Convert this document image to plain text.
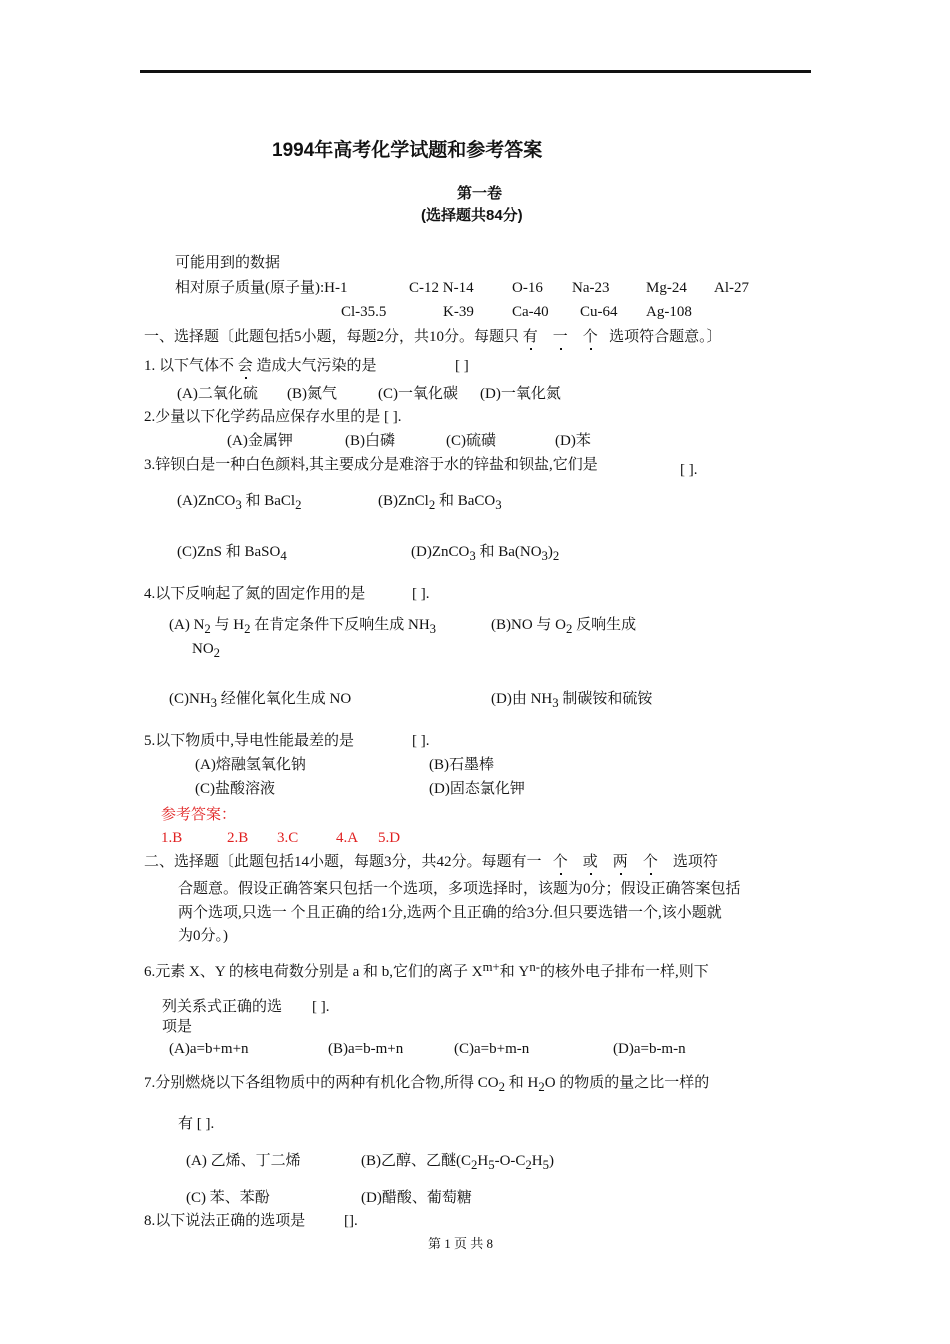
1994年高考化学试题和参考答案
第一卷
(选择题共84分)
可能用到的数据
相对原子质量(原子量):H-1	C-12 N-14	O-16 Na-23 Mg-24 Al-27
Cl-35.5	K-39	Ca-40 Cu-64 Ag-108
一、选择题〔此题包括5小题，每题2分，共10分。每题只 有 一 个 选项符合题意。〕
1. 以下气体不 会 造成大气污染的是	[ ]
(A)二氧化硫 (B)氮气	(C)一氧化碳 (D)一氧化氮
2.少量以下化学药品应保存水里的是 [ ].
(A)金属钾	(B)白磷	(C)硫磺	(D)苯
3.锌钡白是一种白色颜料,其主要成分是难溶于水的锌盐和钡盐,它们是	[ ].
(A)ZnCO$_3$ 和 BaCl$_2$	(B)ZnCl$_2$ 和 BaCO$_3$
(C)ZnS 和 BaSO$_4$	(D)ZnCO$_3$ 和 $Ba(NO_3)_2$
4.以下反响起了氮的固定作用的是	[ ].
(A) $N_2$ 与 $H_2$ 在肯定条件下反响生成 $NH_3$
$NO_2$
(B)NO 与 $O_2$ 反响生成
$(C)NH_3$ 经催化氧化生成 NO	(D)由 $NH_3$ 制碳铵和硫铵
5.以下物质中,导电性能最差的是	[ ].
(A)熔融氢氧化钠	(B)石墨棒
(C)盐酸溶液	(D)固态氯化钾
参考答案：
1.B	2.B 3.C	4.A 5.D
二、选择题〔此题包括14小题，每题3分，共42分。每题有一 个 或 两 个 选项符
合题意。假设正确答案只包括一个选项，多项选择时，该题为0分；假设正确答案包括
两个选项,只选一 个且正确的给1分,选两个且正确的给3分.但只要选错一个,该小题就
为0分。)
6.元素 X、Y 的核电荷数分别是 a 和 b,它们的离子 $X^{m+}$和 $Y^{n-}$的核外电子排布一样,则下
列关系式正确的选 [ ].
项是
(A)a=b+m+n	(B)a=b-m+n	(C)a=b+m-n	(D)a=b-m-n
7.分别燃烧以下各组物质中的两种有机化合物,所得 $CO_2$ 和 $H_2O$ 的物质的量之比一样的
有 [ ].
(A) 乙烯、丁二烯	(B)乙醇、乙醚$(C_2H_5-O-C_2H_5)$
(C) 苯、苯酚	(D)醋酸、葡萄糖
8.以下说法正确的选项是	[].
第 1 页 共 8
